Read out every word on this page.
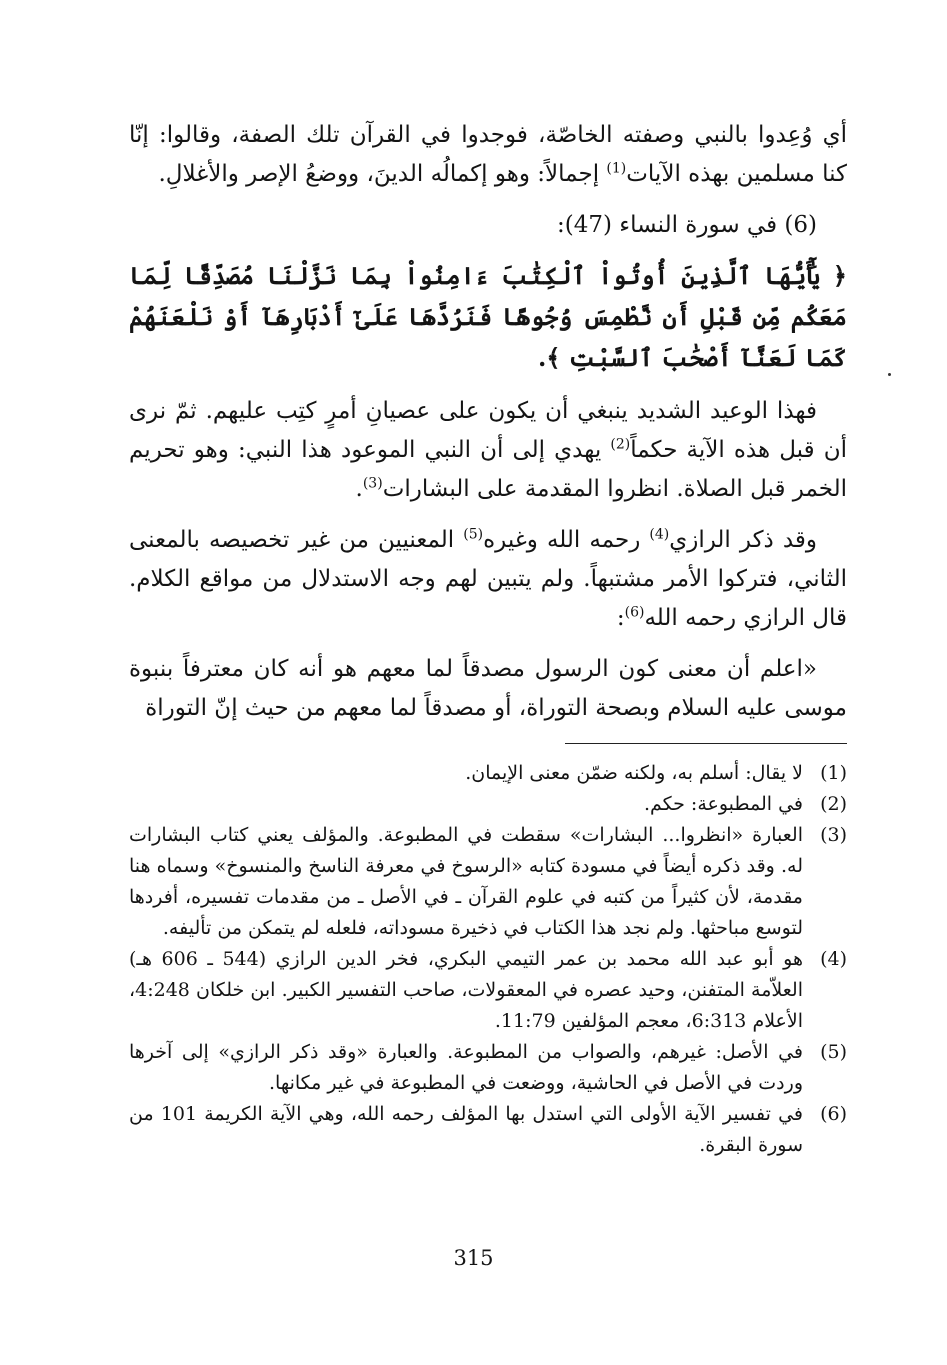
أي وُعِدوا بالنبي وصفته الخاصّة، فوجدوا في القرآن تلك الصفة، وقالوا: إنّا كنا مسلمين بهذه الآيات$^{(1)}$ إجمالاً: وهو إكمالُه الدينَ، ووضعُ الإصر والأغلالِ.

(6) في سورة النساء (47):

﴿ يَٰٓأَيُّهَا ٱلَّذِينَ أُوتُواْ ٱلْكِتَٰبَ ءَامِنُواْ بِمَا نَزَّلْنَا مُصَدِّقًا لِّمَا مَعَكُم مِّن قَبْلِ أَن نَّطْمِسَ وُجُوهًا فَنَرُدَّهَا عَلَىٰٓ أَدْبَارِهَآ أَوْ نَلْعَنَهُمْ كَمَا لَعَنَّآ أَصْحَٰبَ ٱلسَّبْتِ ﴾.

فهذا الوعيد الشديد ينبغي أن يكون على عصيانِ أمرٍ كتِب عليهم. ثمّ نرى أن قبل هذه الآية حكماً$^{(2)}$ يهدي إلى أن النبي الموعود هذا النبي: وهو تحريم الخمر قبل الصلاة. انظروا المقدمة على البشارات$^{(3)}$.

وقد ذكر الرازي$^{(4)}$ رحمه الله وغيره$^{(5)}$ المعنيين من غير تخصيصه بالمعنى الثاني، فتركوا الأمر مشتبهاً. ولم يتبين لهم وجه الاستدلال من مواقع الكلام. قال الرازي رحمه الله$^{(6)}$:

«اعلم أن معنى كون الرسول مصدقاً لما معهم هو أنه كان معترفاً بنبوة موسى عليه السلام وبصحة التوراة، أو مصدقاً لما معهم من حيث إنّ التوراة

(1)
لا يقال: أسلم به، ولكنه ضمّن معنى الإيمان.
(2)
في المطبوعة: حكم.
(3)
العبارة «انظروا... البشارات» سقطت في المطبوعة. والمؤلف يعني كتاب البشارات له. وقد ذكره أيضاً في مسودة كتابه «الرسوخ في معرفة الناسخ والمنسوخ» وسماه هنا مقدمة، لأن كثيراً من كتبه في علوم القرآن ـ في الأصل ـ من مقدمات تفسيره، أفردها لتوسع مباحثها. ولم نجد هذا الكتاب في ذخيرة مسوداته، فلعله لم يتمكن من تأليفه.
(4)
هو أبو عبد الله محمد بن عمر التيمي البكري، فخر الدين الرازي (544 ـ 606 هـ) العلاّمة المتفنن، وحيد عصره في المعقولات، صاحب التفسير الكبير. ابن خلكان 4:248، الأعلام 6:313، معجم المؤلفين 11:79.
(5)
في الأصل: غيرهم، والصواب من المطبوعة. والعبارة «وقد ذكر الرازي» إلى آخرها وردت في الأصل في الحاشية، ووضعت في المطبوعة في غير مكانها.
(6)
في تفسير الآية الأولى التي استدل بها المؤلف رحمه الله، وهي الآية الكريمة 101 من سورة البقرة.
315
